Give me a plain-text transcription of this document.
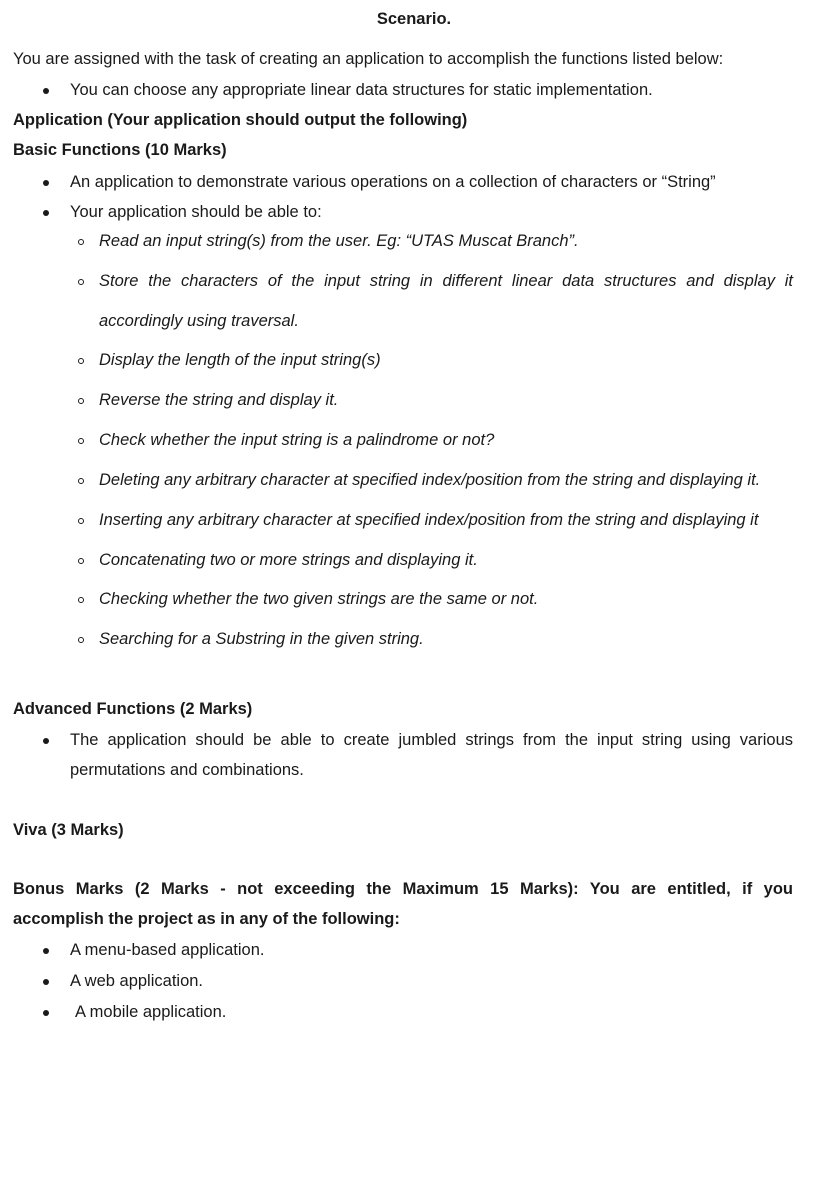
Scenario.
You are assigned with the task of creating an application to accomplish the functions listed below:
You can choose any appropriate linear data structures for static implementation.
Application (Your application should output the following)
Basic Functions (10 Marks)
An application to demonstrate various operations on a collection of characters or “String”
Your application should be able to:
Read an input string(s) from the user. Eg: “UTAS Muscat Branch”.
Store the characters of the input string in different linear data structures and display it
accordingly using traversal.
Display the length of the input string(s)
Reverse the string and display it.
Check whether the input string is a palindrome or not?
Deleting any arbitrary character at specified index/position from the string and displaying it.
Inserting any arbitrary character at specified index/position from the string and displaying it
Concatenating two or more strings and displaying it.
Checking whether the two given strings are the same or not.
Searching for a Substring in the given string.
Advanced Functions (2 Marks)
The application should be able to create jumbled strings from the input string using various
permutations and combinations.
Viva (3 Marks)
Bonus Marks (2 Marks - not exceeding the Maximum 15 Marks): You are entitled, if you
accomplish the project as in any of the following:
A menu-based application.
A web application.
A mobile application.
